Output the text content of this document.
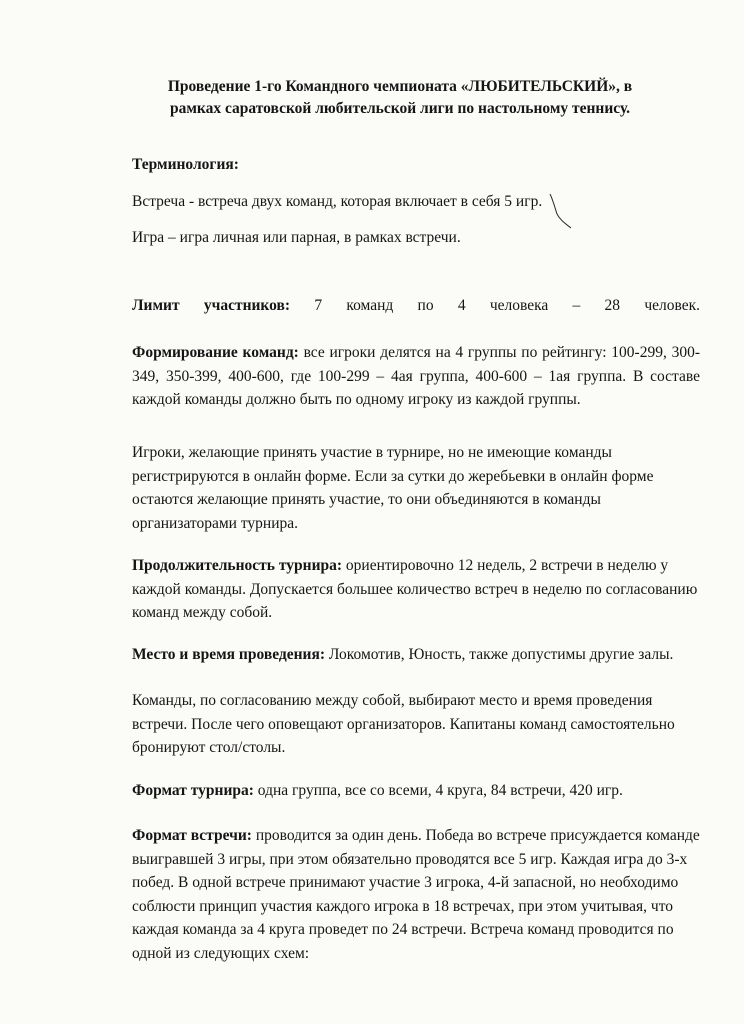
Проведение 1-го Командного чемпионата «ЛЮБИТЕЛЬСКИЙ», в
рамках саратовской любительской лиги по настольному теннису.
Терминология:
Встреча - встреча двух команд, которая включает в себя 5 игр.
Игра – игра личная или парная, в рамках встречи.
Лимит участников: 7 команд по 4 человека – 28 человек.
Формирование команд: все игроки делятся на 4 группы по рейтингу: 100-299, 300-349, 350-399, 400-600, где 100-299 – 4ая группа, 400-600 – 1ая группа. В составе каждой команды должно быть по одному игроку из каждой группы.
Игроки, желающие принять участие в турнире, но не имеющие команды регистрируются в онлайн форме. Если за сутки до жеребьевки в онлайн форме остаются желающие принять участие, то они объединяются в команды организаторами турнира.
Продолжительность турнира: ориентировочно 12 недель, 2 встречи в неделю у каждой команды. Допускается большее количество встреч в неделю по согласованию команд между собой.
Место и время проведения: Локомотив, Юность, также допустимы другие залы.
Команды, по согласованию между собой, выбирают место и время проведения встречи. После чего оповещают организаторов. Капитаны команд самостоятельно бронируют стол/столы.
Формат турнира: одна группа, все со всеми, 4 круга, 84 встречи, 420 игр.
Формат встречи: проводится за один день. Победа во встрече присуждается команде выигравшей 3 игры, при этом обязательно проводятся все 5 игр. Каждая игра до 3-х побед. В одной встрече принимают участие 3 игрока, 4-й запасной, но необходимо соблюсти принцип участия каждого игрока в 18 встречах, при этом учитывая, что каждая команда за 4 круга проведет по 24 встречи. Встреча команд проводится по одной из следующих схем:
